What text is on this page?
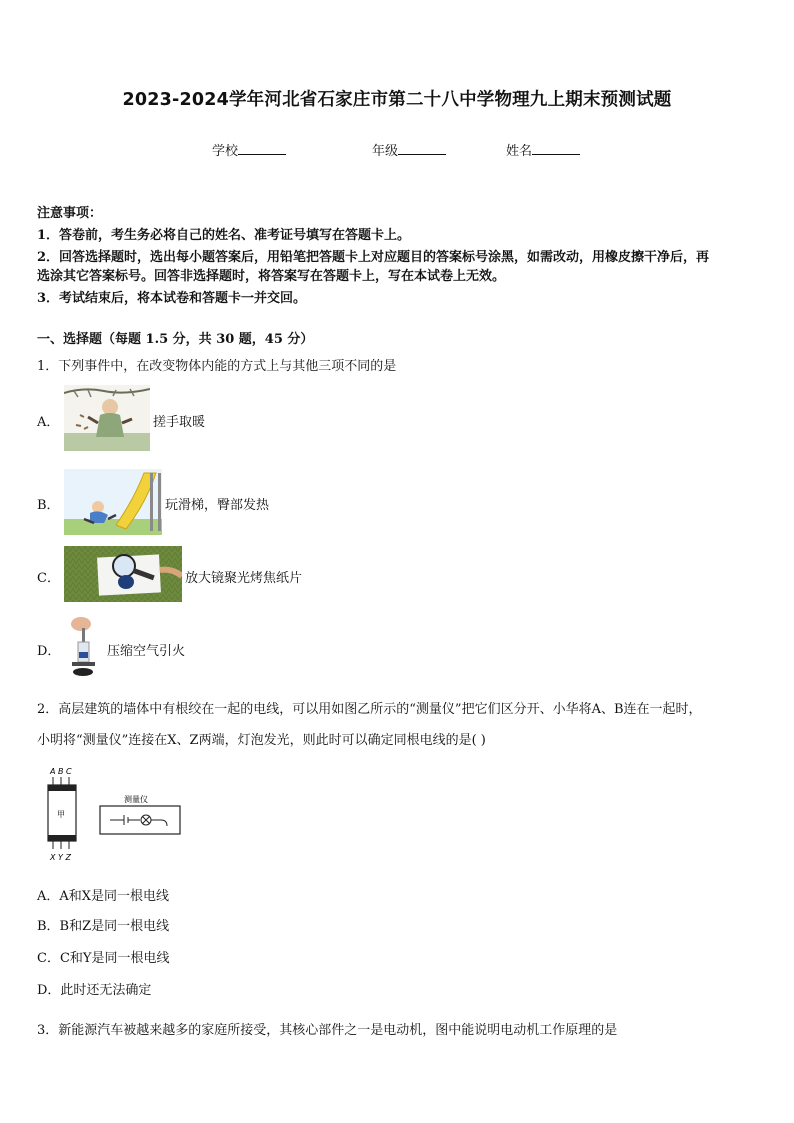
2023-2024学年河北省石家庄市第二十八中学物理九上期末预测试题
学校	年级	姓名
注意事项：
1．答卷前，考生务必将自己的姓名、准考证号填写在答题卡上。
2．回答选择题时，选出每小题答案后，用铅笔把答题卡上对应题目的答案标号涂黑，如需改动，用橡皮擦干净后，再
选涂其它答案标号。回答非选择题时，将答案写在答题卡上，写在本试卷上无效。
3．考试结束后，将本试卷和答题卡一并交回。
一、选择题（每题 1.5 分，共 30 题，45 分）
1．下列事件中，在改变物体内能的方式上与其他三项不同的是
A．	搓手取暖
B．	玩滑梯，臀部发热
C．	放大镜聚光烤焦纸片
D．	压缩空气引火
2．高层建筑的墙体中有根绞在一起的电线，可以用如图乙所示的“测量仪”把它们区分开、小华将A、B连在一起时，
小明将“测量仪”连接在X、Z两端，灯泡发光，则此时可以确定同根电线的是( )
A B C
甲
X Y Z
测量仪
A．A和X是同一根电线
B．B和Z是同一根电线
C．C和Y是同一根电线
D．此时还无法确定
3．新能源汽车被越来越多的家庭所接受，其核心部件之一是电动机，图中能说明电动机工作原理的是
